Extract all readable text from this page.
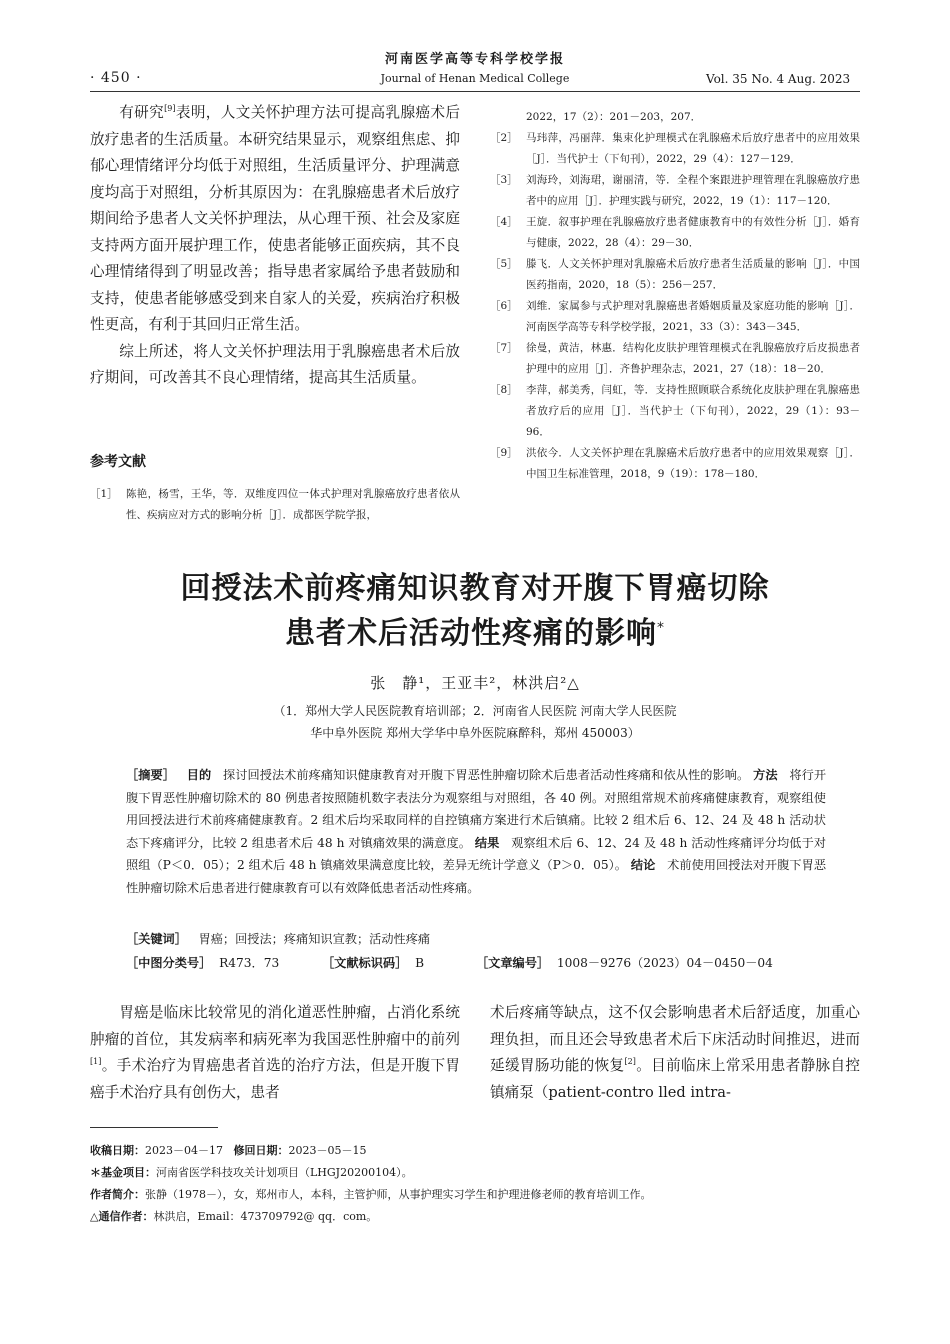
· 450 ·
河南医学高等专科学校学报
Journal of Henan Medical College	Vol. 35 No. 4 Aug. 2023

有研究[9]表明，人文关怀护理方法可提高乳腺癌术后放疗患者的生活质量。本研究结果显示，观察组焦虑、抑郁心理情绪评分均低于对照组，生活质量评分、护理满意度均高于对照组，分析其原因为：在乳腺癌患者术后放疗期间给予患者人文关怀护理法，从心理干预、社会及家庭支持两方面开展护理工作，使患者能够正面疾病，其不良心理情绪得到了明显改善；指导患者家属给予患者鼓励和支持，使患者能够感受到来自家人的关爱，疾病治疗积极性更高，有利于其回归正常生活。

综上所述，将人文关怀护理法用于乳腺癌患者术后放疗期间，可改善其不良心理情绪，提高其生活质量。

参考文献
［1］ 陈艳，杨雪，王华，等．双维度四位一体式护理对乳腺癌放疗患者依从性、疾病应对方式的影响分析［J］．成都医学院学报，
2022，17（2）：201－203，207．
［2］ 马玮萍，冯丽萍．集束化护理模式在乳腺癌术后放疗患者中的应用效果［J］．当代护士（下旬刊），2022，29（4）：127－129．
［3］ 刘海玲，刘海珺，谢丽清，等．全程个案跟进护理管理在乳腺癌放疗患者中的应用［J］．护理实践与研究，2022，19（1）：117－120．
［4］ 王旋．叙事护理在乳腺癌放疗患者健康教育中的有效性分析［J］．婚育与健康，2022，28（4）：29－30．
［5］ 滕飞．人文关怀护理对乳腺癌术后放疗患者生活质量的影响［J］．中国医药指南，2020，18（5）：256－257．
［6］ 刘维．家属参与式护理对乳腺癌患者婚姻质量及家庭功能的影响［J］．河南医学高等专科学校学报，2021，33（3）：343－345．
［7］ 徐曼，黄洁，林惠．结构化皮肤护理管理模式在乳腺癌放疗后皮损患者护理中的应用［J］．齐鲁护理杂志，2021，27（18）：18－20．
［8］ 李萍，郝美秀，闫虹，等．支持性照顾联合系统化皮肤护理在乳腺癌患者放疗后的应用［J］．当代护士（下旬刊），2022，29（1）：93－96．
［9］ 洪依今．人文关怀护理在乳腺癌术后放疗患者中的应用效果观察［J］．中国卫生标准管理，2018，9（19）：178－180．
回授法术前疼痛知识教育对开腹下胃癌切除
患者术后活动性疼痛的影响*
张　静¹，王亚丰²，林洪启²△
（1．郑州大学人民医院教育培训部；2．河南省人民医院 河南大学人民医院
华中阜外医院 郑州大学华中阜外医院麻醉科，郑州 450003）

［摘要］ 目的 探讨回授法术前疼痛知识健康教育对开腹下胃恶性肿瘤切除术后患者活动性疼痛和依从性的影响。 方法 将行开腹下胃恶性肿瘤切除术的 80 例患者按照随机数字表法分为观察组与对照组，各 40 例。对照组常规术前疼痛健康教育，观察组使用回授法进行术前疼痛健康教育。2 组术后均采取同样的自控镇痛方案进行术后镇痛。比较 2 组术后 6、12、24 及 48 h 活动状态下疼痛评分，比较 2 组患者术后 48 h 对镇痛效果的满意度。 结果 观察组术后 6、12、24 及 48 h 活动性疼痛评分均低于对照组（P＜0．05）；2 组术后 48 h 镇痛效果满意度比较，差异无统计学意义（P＞0．05）。 结论 术前使用回授法对开腹下胃恶性肿瘤切除术后患者进行健康教育可以有效降低患者活动性疼痛。

［关键词］ 胃癌；回授法；疼痛知识宣教；活动性疼痛
［中图分类号］ R473．73	［文献标识码］ B	［文章编号］ 1008－9276（2023）04－0450－04

胃癌是临床比较常见的消化道恶性肿瘤，占消化系统肿瘤的首位，其发病率和病死率为我国恶性肿瘤中的前列[1]。手术治疗为胃癌患者首选的治疗方法，但是开腹下胃癌手术治疗具有创伤大，患者

术后疼痛等缺点，这不仅会影响患者术后舒适度，加重心理负担，而且还会导致患者术后下床活动时间推迟，进而延缓胃肠功能的恢复[2]。目前临床上常采用患者静脉自控镇痛泵（patient-contro lled intra-

收稿日期：2023－04－17 修回日期：2023－05－15
＊基金项目：河南省医学科技攻关计划项目（LHGJ20200104）。
作者简介：张静（1978－），女，郑州市人，本科，主管护师，从事护理实习学生和护理进修老师的教育培训工作。
△通信作者：林洪启，Email：473709792@ qq．com。
